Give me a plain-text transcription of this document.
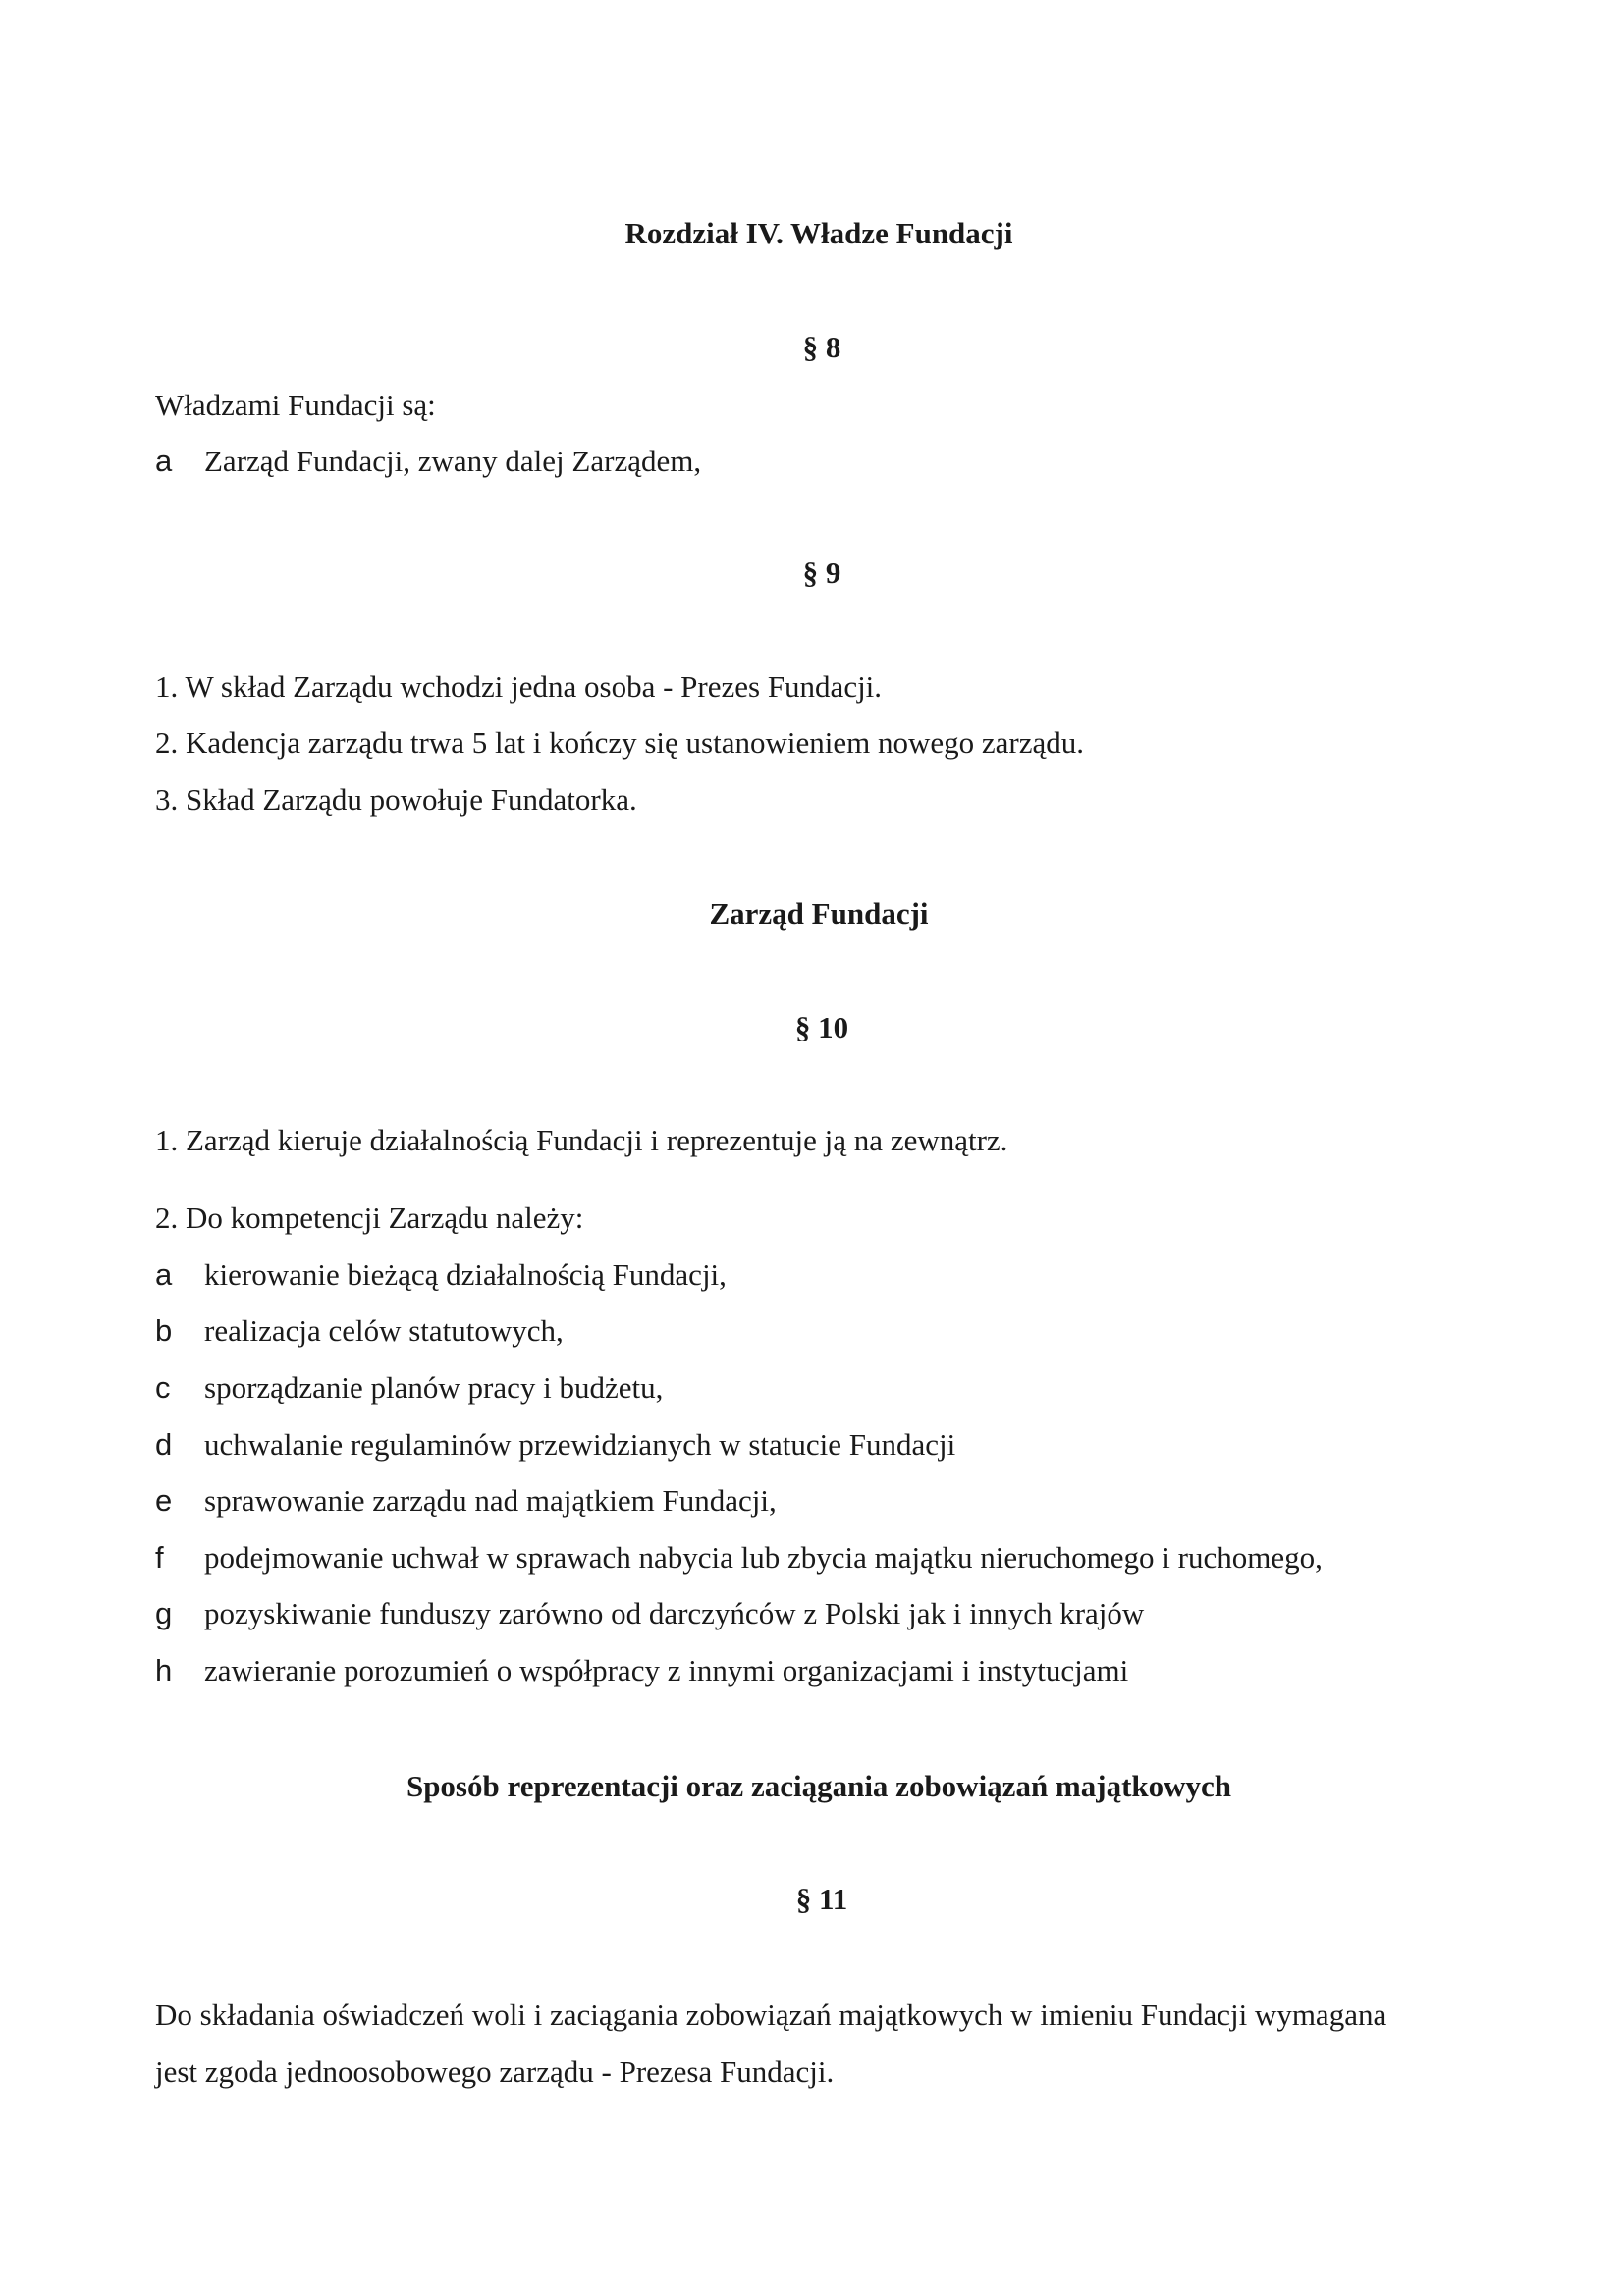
Rozdział IV. Władze Fundacji
§ 8
Władzami Fundacji są:
a	Zarząd Fundacji, zwany dalej Zarządem,
§ 9
1. W skład Zarządu wchodzi jedna osoba - Prezes Fundacji.
2. Kadencja zarządu trwa 5 lat i kończy się ustanowieniem nowego zarządu.
3. Skład Zarządu powołuje Fundatorka.
Zarząd Fundacji
§ 10
1. Zarząd kieruje działalnością Fundacji i reprezentuje ją na zewnątrz.
2. Do kompetencji Zarządu należy:
a	kierowanie bieżącą działalnością Fundacji,
b	realizacja celów statutowych,
c	sporządzanie planów pracy i budżetu,
d	uchwalanie regulaminów przewidzianych w statucie Fundacji
e	sprawowanie zarządu nad majątkiem Fundacji,
f	podejmowanie uchwał w sprawach nabycia lub zbycia majątku nieruchomego i ruchomego,
g	pozyskiwanie funduszy zarówno od darczyńców z Polski jak i innych krajów
h	zawieranie porozumień o współpracy z innymi organizacjami i instytucjami
Sposób reprezentacji oraz zaciągania zobowiązań majątkowych
§ 11
Do składania oświadczeń woli i zaciągania zobowiązań majątkowych w imieniu Fundacji wymagana
jest zgoda jednoosobowego zarządu - Prezesa Fundacji.
